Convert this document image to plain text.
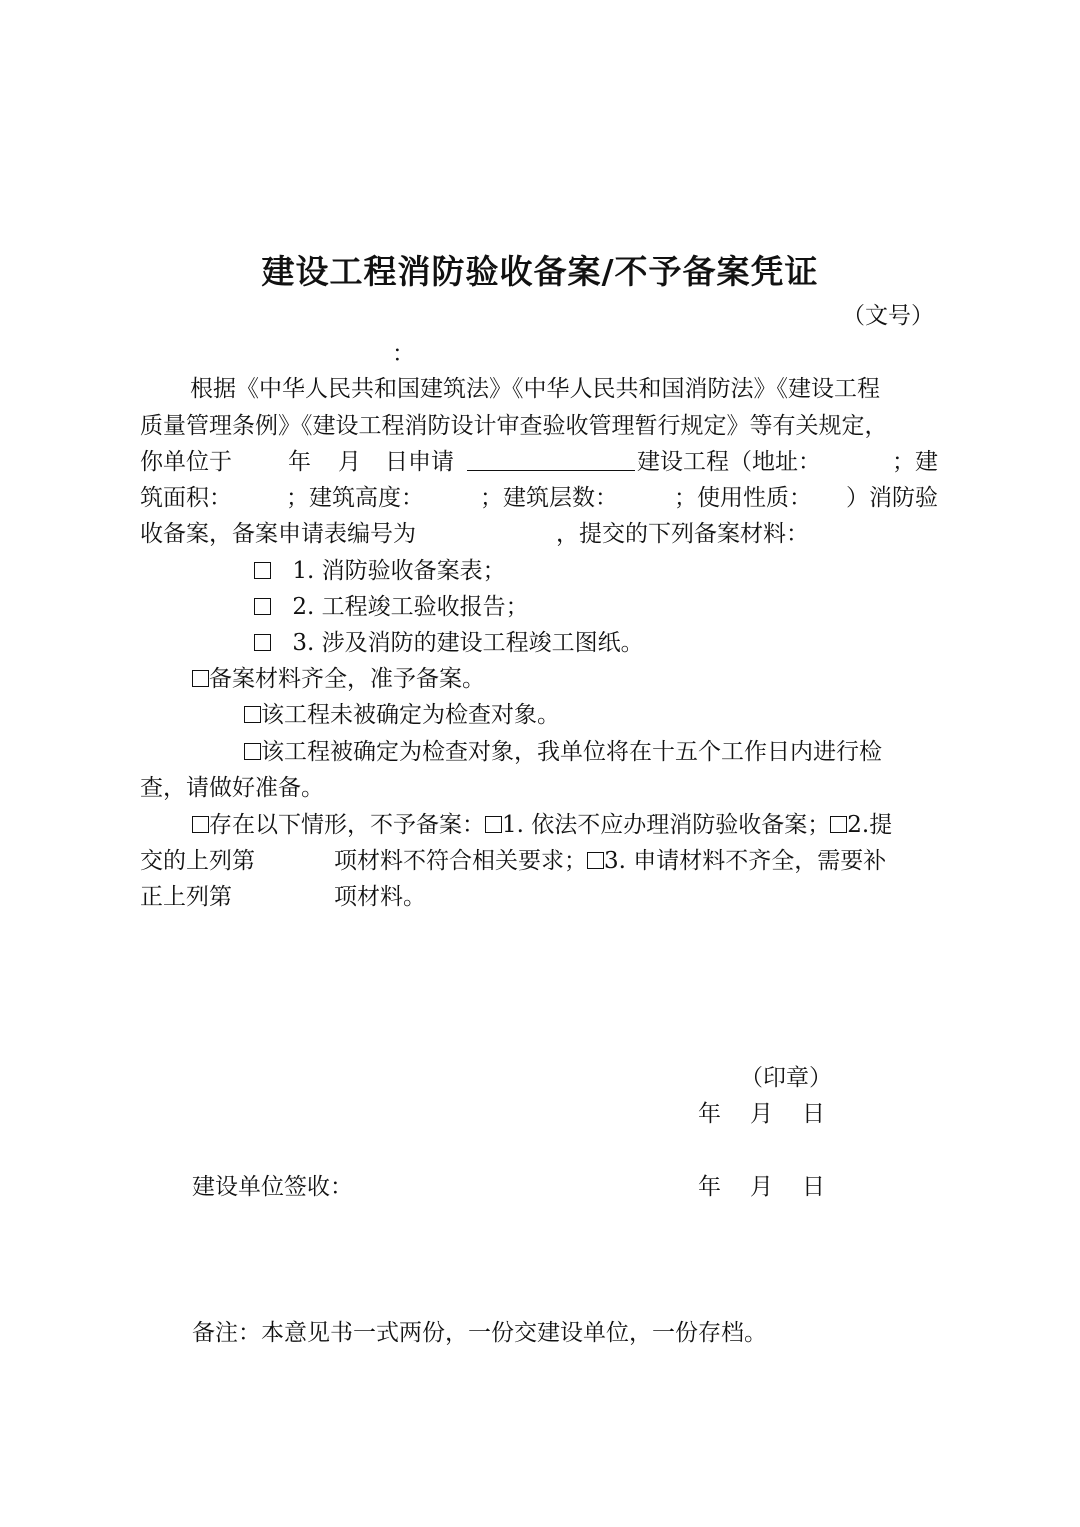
建设工程消防验收备案/不予备案凭证
（文号）
：
根据《中华人民共和国建筑法》《中华人民共和国消防法》《建设工程
质量管理条例》《建设工程消防设计审查验收管理暂行规定》等有关规定，
你单位于 年 月 日申请	建设工程（地址：	；建
筑面积： ；建筑高度： ；建筑层数： ；使用性质： ）消防验
收备案，备案申请表编号为	，提交的下列备案材料：
1. 消防验收备案表；
2. 工程竣工验收报告；
3. 涉及消防的建设工程竣工图纸。
备案材料齐全，准予备案。
该工程未被确定为检查对象。
该工程被确定为检查对象，我单位将在十五个工作日内进行检
查，请做好准备。
存在以下情形，不予备案： 1. 依法不应办理消防验收备案； 2.提
交的上列第	项材料不符合相关要求； 3. 申请材料不齐全，需要补
正上列第	项材料。
（印章）
年 月 日
建设单位签收：	年 月 日
备注：本意见书一式两份，一份交建设单位，一份存档。
